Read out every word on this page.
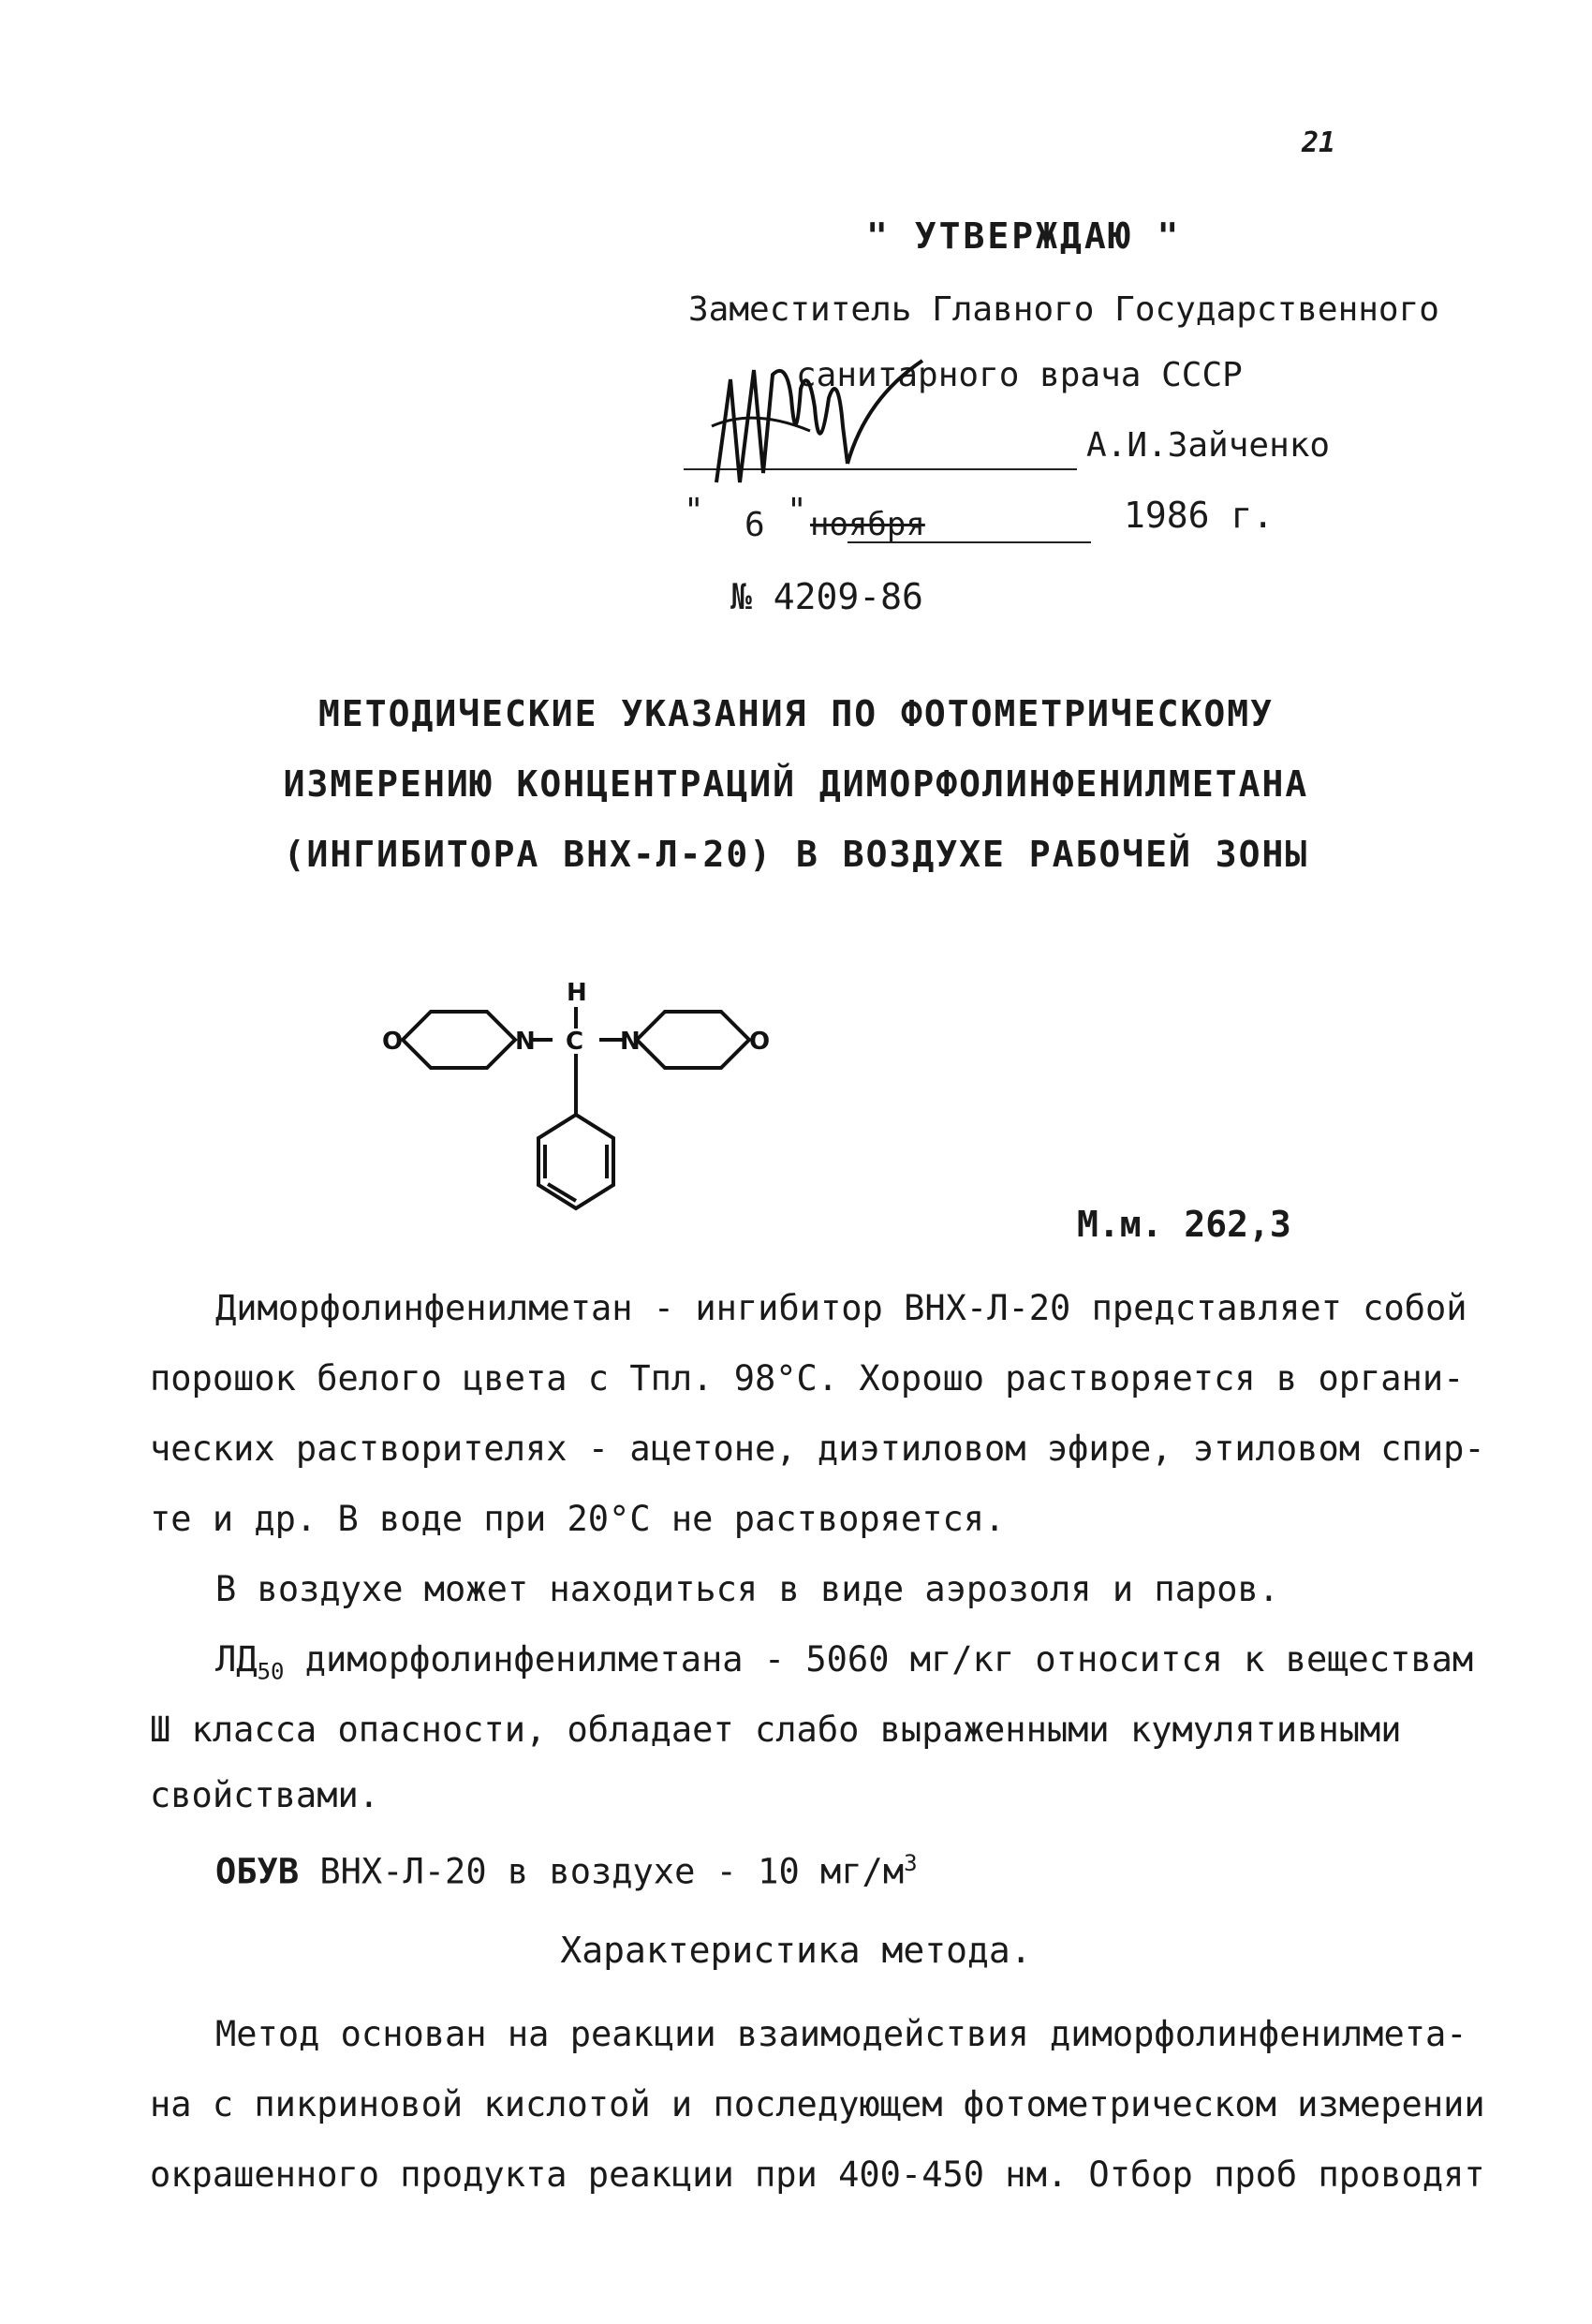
21
" УТВЕРЖДАЮ "
Заместитель Главного Государственного
санитарного врача СССР
А.И.Зайченко
" 6 " ноября	1986 г.
№ 4209-86
МЕТОДИЧЕСКИЕ УКАЗАНИЯ ПО ФОТОМЕТРИЧЕСКОМУ
ИЗМЕРЕНИЮ КОНЦЕНТРАЦИЙ ДИМОРФОЛИНФЕНИЛМЕТАНА
(ИНГИБИТОРА ВНХ-Л-20) В ВОЗДУХЕ РАБОЧЕЙ ЗОНЫ
H
C
N	N
O	O
М.м. 262,3
Диморфолинфенилметан - ингибитор ВНХ-Л-20 представляет собой
порошок белого цвета с Тпл. 98°С. Хорошо растворяется в органи-
ческих растворителях - ацетоне, диэтиловом эфире, этиловом спир-
те и др. В воде при 20°С не растворяется.
В воздухе может находиться в виде аэрозоля и паров.
$ЛД_{50}$ диморфолинфенилметана - 5060 мг/кг относится к веществам
Ш класса опасности, обладает слабо выраженными кумулятивными
свойствами.
ОБУВ ВНХ-Л-20 в воздухе - 10 $мг/м^3$
Характеристика метода.
Метод основан на реакции взаимодействия диморфолинфенилмета-
на с пикриновой кислотой и последующем фотометрическом измерении
окрашенного продукта реакции при 400-450 нм. Отбор проб проводят
